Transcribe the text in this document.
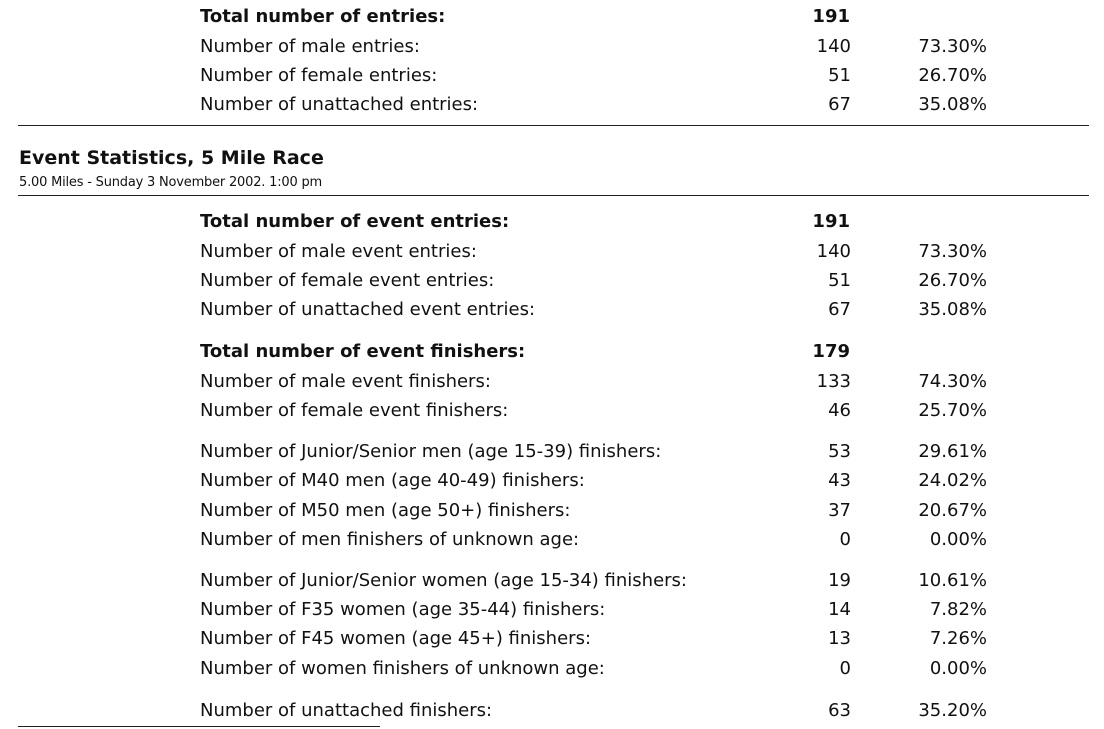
Total number of entries:	191
Number of male entries:	140	73.30%
Number of female entries:	51	26.70%
Number of unattached entries:	67	35.08%
Event Statistics, 5 Mile Race
5.00 Miles - Sunday 3 November 2002. 1:00 pm
Total number of event entries:	191
Number of male event entries:	140	73.30%
Number of female event entries:	51	26.70%
Number of unattached event entries:	67	35.08%
Total number of event finishers:	179
Number of male event finishers:	133	74.30%
Number of female event finishers:	46	25.70%
Number of Junior/Senior men (age 15-39) finishers:	53	29.61%
Number of M40 men (age 40-49) finishers:	43	24.02%
Number of M50 men (age 50+) finishers:	37	20.67%
Number of men finishers of unknown age:	0	0.00%
Number of Junior/Senior women (age 15-34) finishers:	19	10.61%
Number of F35 women (age 35-44) finishers:	14	7.82%
Number of F45 women (age 45+) finishers:	13	7.26%
Number of women finishers of unknown age:	0	0.00%
Number of unattached finishers:	63	35.20%
